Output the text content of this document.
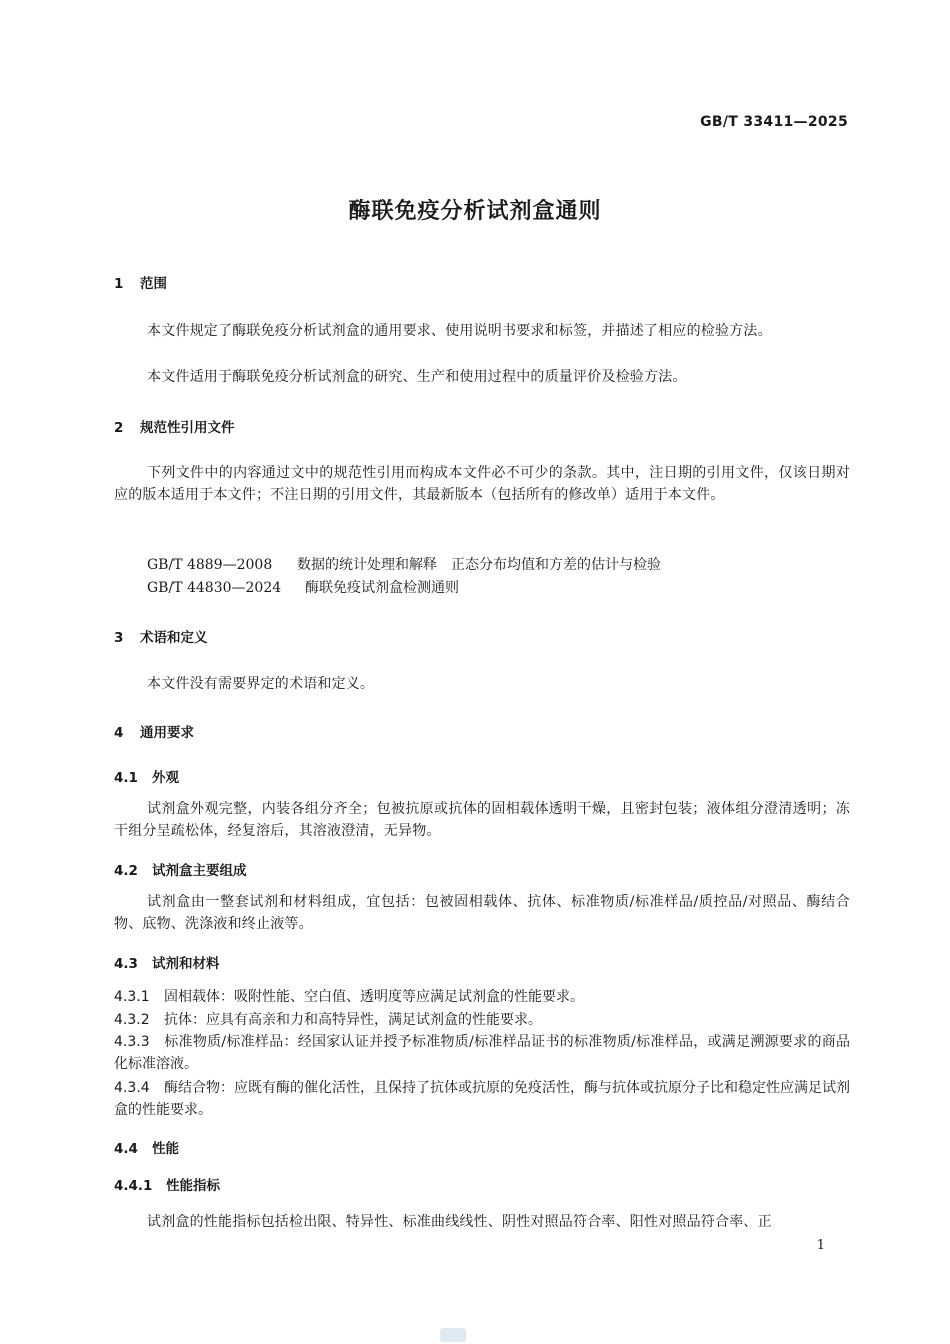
GB/T 33411—2025
酶联免疫分析试剂盒通则
1 范围
本文件规定了酶联免疫分析试剂盒的通用要求、使用说明书要求和标签，并描述了相应的检验方法。
本文件适用于酶联免疫分析试剂盒的研究、生产和使用过程中的质量评价及检验方法。
2 规范性引用文件
下列文件中的内容通过文中的规范性引用而构成本文件必不可少的条款。其中，注日期的引用文件，仅该日期对应的版本适用于本文件；不注日期的引用文件，其最新版本（包括所有的修改单）适用于本文件。
GB/T 4889—2008 数据的统计处理和解释　正态分布均值和方差的估计与检验
GB/T 44830—2024 酶联免疫试剂盒检测通则
3 术语和定义
本文件没有需要界定的术语和定义。
4 通用要求
4.1 外观
试剂盒外观完整，内装各组分齐全；包被抗原或抗体的固相载体透明干燥，且密封包装；液体组分澄清透明；冻干组分呈疏松体，经复溶后，其溶液澄清，无异物。
4.2 试剂盒主要组成
试剂盒由一整套试剂和材料组成，宜包括：包被固相载体、抗体、标准物质/标准样品/质控品/对照品、酶结合物、底物、洗涤液和终止液等。
4.3 试剂和材料
4.3.1 固相载体：吸附性能、空白值、透明度等应满足试剂盒的性能要求。
4.3.2 抗体：应具有高亲和力和高特异性，满足试剂盒的性能要求。
4.3.3 标准物质/标准样品：经国家认证并授予标准物质/标准样品证书的标准物质/标准样品，或满足溯源要求的商品化标准溶液。
4.3.4 酶结合物：应既有酶的催化活性，且保持了抗体或抗原的免疫活性，酶与抗体或抗原分子比和稳定性应满足试剂盒的性能要求。
4.4 性能
4.4.1 性能指标
试剂盒的性能指标包括检出限、特异性、标准曲线线性、阴性对照品符合率、阳性对照品符合率、正
1
